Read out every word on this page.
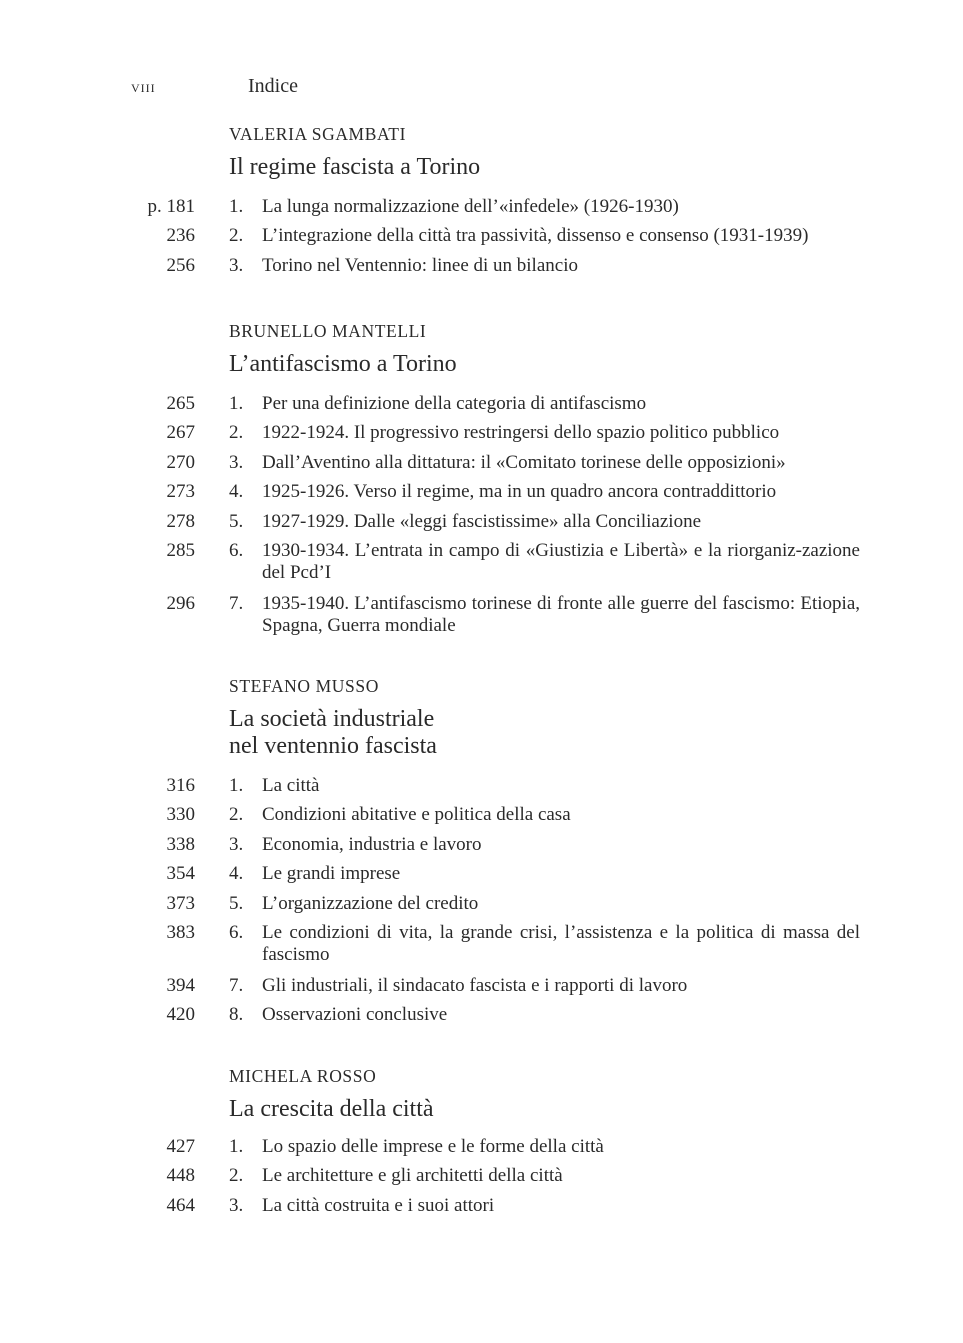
viii	Indice
VALERIA SGAMBATI
Il regime fascista a Torino
p. 181 1. La lunga normalizzazione dell’«infedele» (1926-1930)
236 2. L’integrazione della città tra passività, dissenso e consenso (1931-1939)
256 3. Torino nel Ventennio: linee di un bilancio
BRUNELLO MANTELLI
L’antifascismo a Torino
265 1. Per una definizione della categoria di antifascismo
267 2. 1922-1924. Il progressivo restringersi dello spazio politico pubblico
270 3. Dall’Aventino alla dittatura: il «Comitato torinese delle opposizioni»
273 4. 1925-1926. Verso il regime, ma in un quadro ancora contraddittorio
278 5. 1927-1929. Dalle «leggi fascistissime» alla Conciliazione
285 6. 1930-1934. L’entrata in campo di «Giustizia e Libertà» e la riorganiz-zazione del Pcd’I
296 7. 1935-1940. L’antifascismo torinese di fronte alle guerre del fascismo: Etiopia, Spagna, Guerra mondiale
STEFANO MUSSO
La società industriale
nel ventennio fascista
316 1. La città
330 2. Condizioni abitative e politica della casa
338 3. Economia, industria e lavoro
354 4. Le grandi imprese
373 5. L’organizzazione del credito
383 6. Le condizioni di vita, la grande crisi, l’assistenza e la politica di massa del fascismo
394 7. Gli industriali, il sindacato fascista e i rapporti di lavoro
420 8. Osservazioni conclusive
MICHELA ROSSO
La crescita della città
427 1. Lo spazio delle imprese e le forme della città
448 2. Le architetture e gli architetti della città
464 3. La città costruita e i suoi attori
